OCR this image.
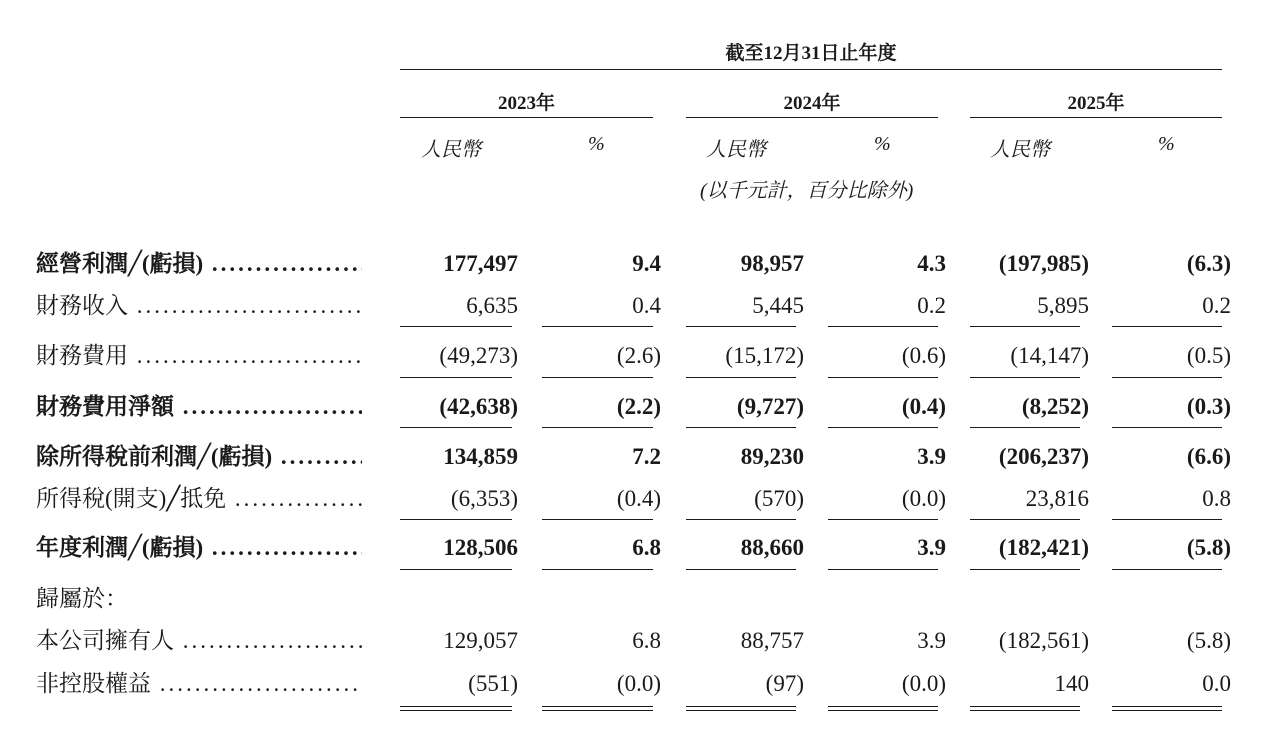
截至12月31日止年度
2023年	2024年	2025年
人民幣	%	人民幣	%	人民幣	%
(以千元計，百分比除外)
經營利潤╱(虧損) .....	177,497	9.4	98,957	4.3	(197,985)	(6.3)
財務收入 .....	6,635	0.4	5,445	0.2	5,895	0.2
財務費用 .....	(49,273)	(2.6)	(15,172)	(0.6)	(14,147)	(0.5)
財務費用淨額 .....	(42,638)	(2.2)	(9,727)	(0.4)	(8,252)	(0.3)
除所得稅前利潤╱(虧損) .....	134,859	7.2	89,230	3.9	(206,237)	(6.6)
所得稅(開支)╱抵免 .....	(6,353)	(0.4)	(570)	(0.0)	23,816	0.8
年度利潤╱(虧損) .....	128,506	6.8	88,660	3.9	(182,421)	(5.8)
歸屬於：
本公司擁有人 .....	129,057	6.8	88,757	3.9	(182,561)	(5.8)
非控股權益 .....	(551)	(0.0)	(97)	(0.0)	140	0.0
